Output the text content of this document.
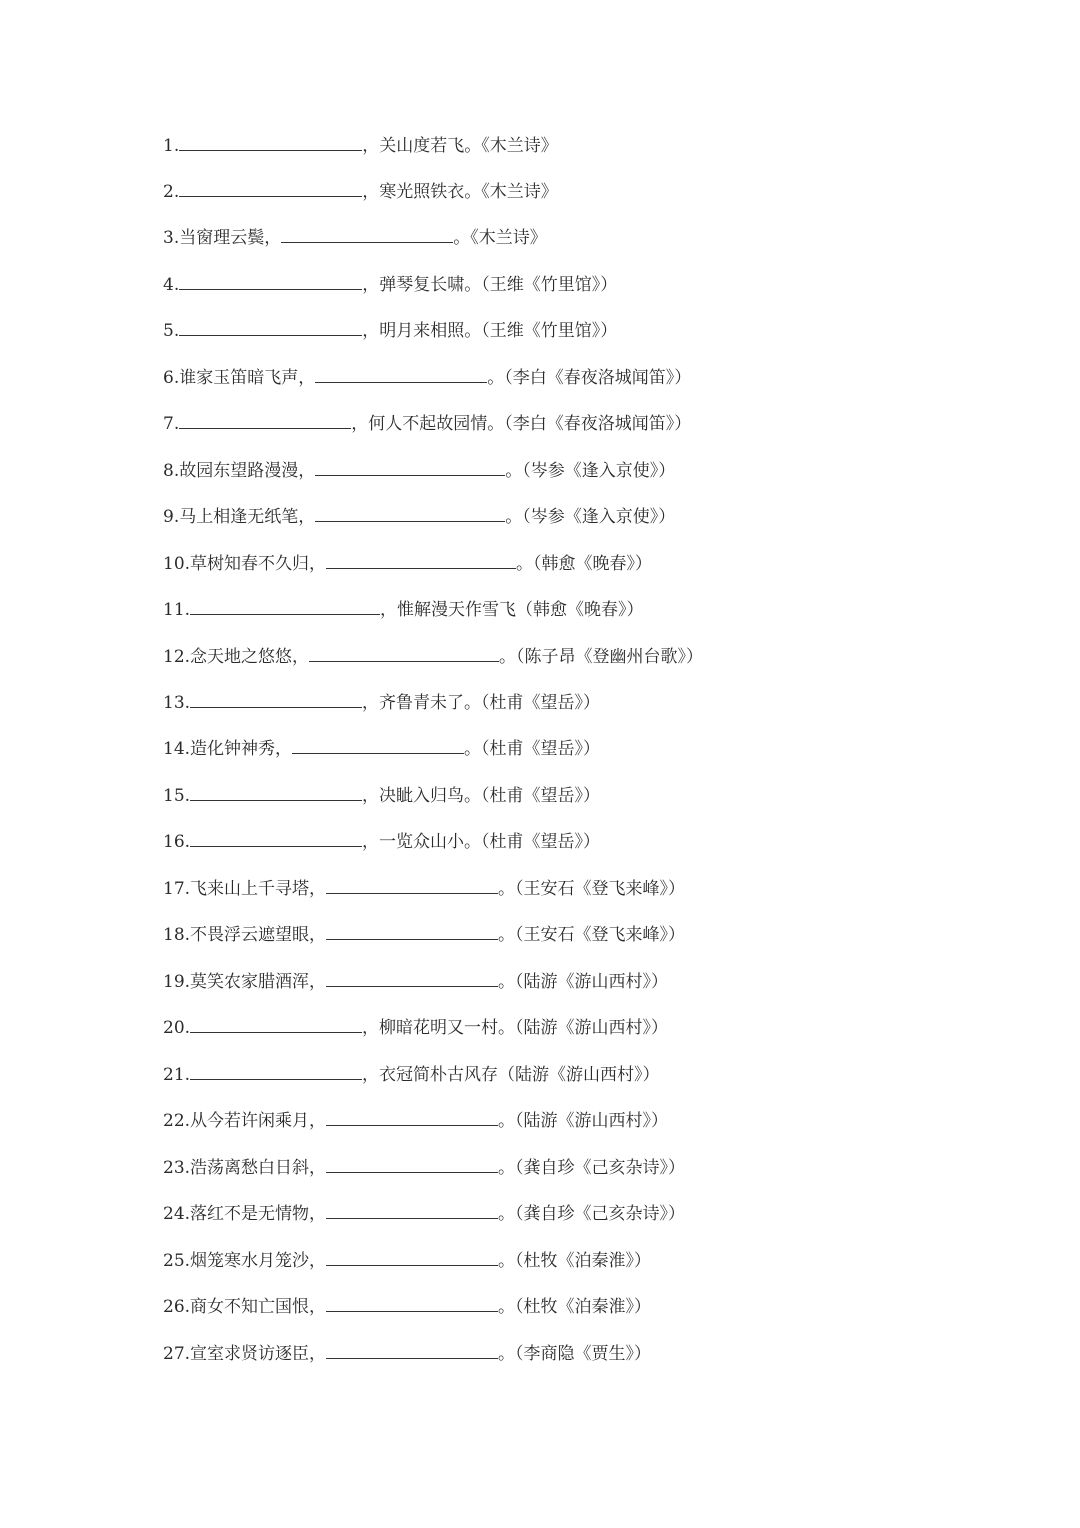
1.	，关山度若飞。《木兰诗》
2.	，寒光照铁衣。《木兰诗》
3.当窗理云鬓，	。《木兰诗》
4.	，弹琴复长啸。（王维《竹里馆》）
5.	，明月来相照。（王维《竹里馆》）
6.谁家玉笛暗飞声，	。（李白《春夜洛城闻笛》）
7.	，何人不起故园情。（李白《春夜洛城闻笛》）
8.故园东望路漫漫，	。（岑参《逢入京使》）
9.马上相逢无纸笔，	。（岑参《逢入京使》）
10.草树知春不久归，	。（韩愈《晚春》）
11.	，惟解漫天作雪飞（韩愈《晚春》）
12.念天地之悠悠，	。（陈子昂《登幽州台歌》）
13.	，齐鲁青未了。（杜甫《望岳》）
14.造化钟神秀，	。（杜甫《望岳》）
15.	，决眦入归鸟。（杜甫《望岳》）
16.	，一览众山小。（杜甫《望岳》）
17.飞来山上千寻塔，	。（王安石《登飞来峰》）
18.不畏浮云遮望眼，	。（王安石《登飞来峰》）
19.莫笑农家腊酒浑，	。（陆游《游山西村》）
20.	，柳暗花明又一村。（陆游《游山西村》）
21.	，衣冠简朴古风存（陆游《游山西村》）
22.从今若许闲乘月，	。（陆游《游山西村》）
23.浩荡离愁白日斜，	。（龚自珍《己亥杂诗》）
24.落红不是无情物，	。（龚自珍《己亥杂诗》）
25.烟笼寒水月笼沙，	。（杜牧《泊秦淮》）
26.商女不知亡国恨，	。（杜牧《泊秦淮》）
27.宣室求贤访逐臣，	。（李商隐《贾生》）
